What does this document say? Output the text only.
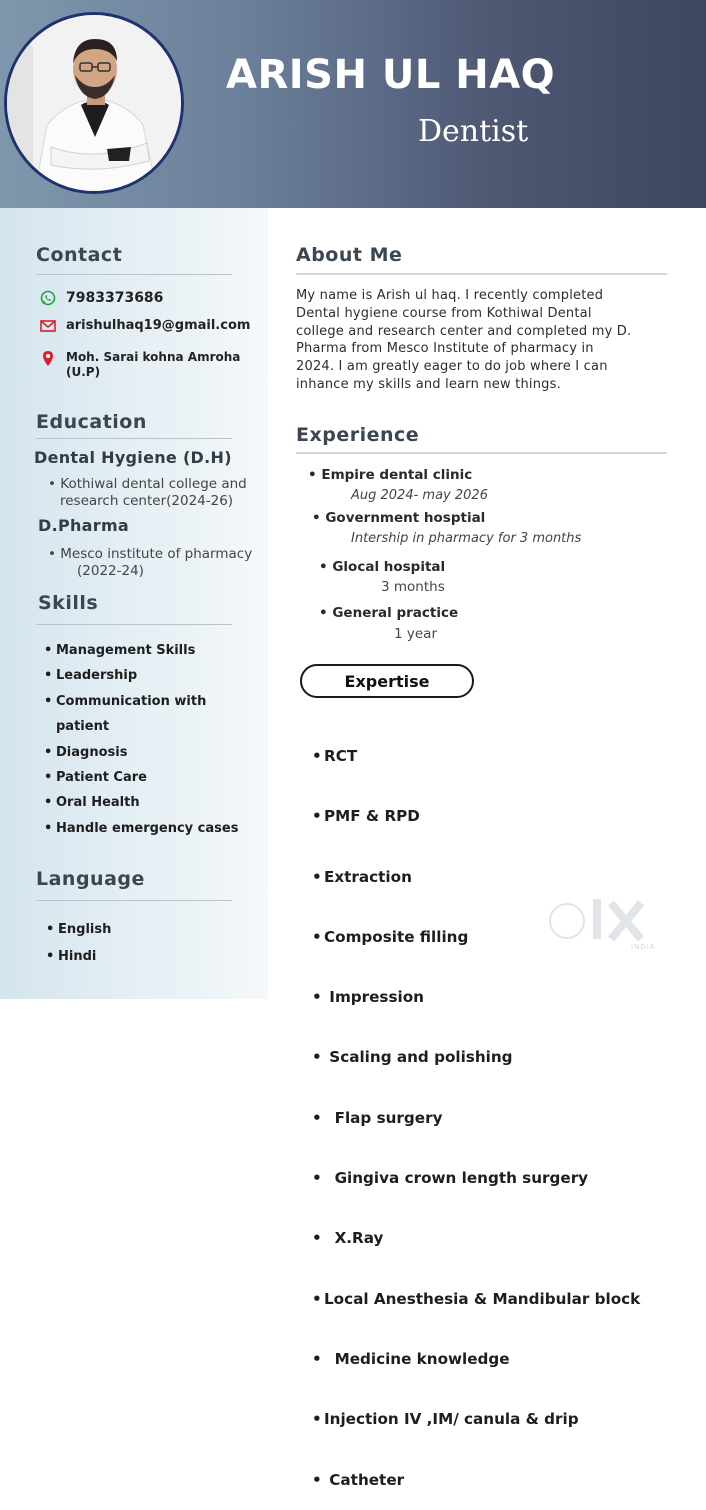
ARISH UL HAQ
Dentist
Contact
7983373686
arishulhaq19@gmail.com
Moh. Sarai kohna Amroha (U.P)
Education
Dental Hygiene (D.H)
• Kothiwal dental college and
research center(2024-26)
D.Pharma
• Mesco institute of pharmacy
(2022-24)
Skills
• Management Skills
• Leadership
• Communication with
patient
• Diagnosis
• Patient Care
• Oral Health
• Handle emergency cases
Language
• English
• Hindi
About Me
My name is Arish ul haq. I recently completed
Dental hygiene course from Kothiwal Dental
college and research center and completed my D.
Pharma from Mesco Institute of pharmacy in
2024. I am greatly eager to do job where I can
inhance my skills and learn new things.
Experience
• Empire dental clinic
Aug 2024- may 2026
• Government hosptial
Intership in pharmacy for 3 months
• Glocal hospital
3 months
• General practice
1 year
Expertise

• RCT

• PMF & RPD

• Extraction

• Composite filling

•  Impression

•  Scaling and polishing

•   Flap surgery

•   Gingiva crown length surgery

•   X.Ray

• Local Anesthesia & Mandibular block

•   Medicine knowledge

• Injection IV ,IM/ canula & drip

•  Catheter

INDIA
